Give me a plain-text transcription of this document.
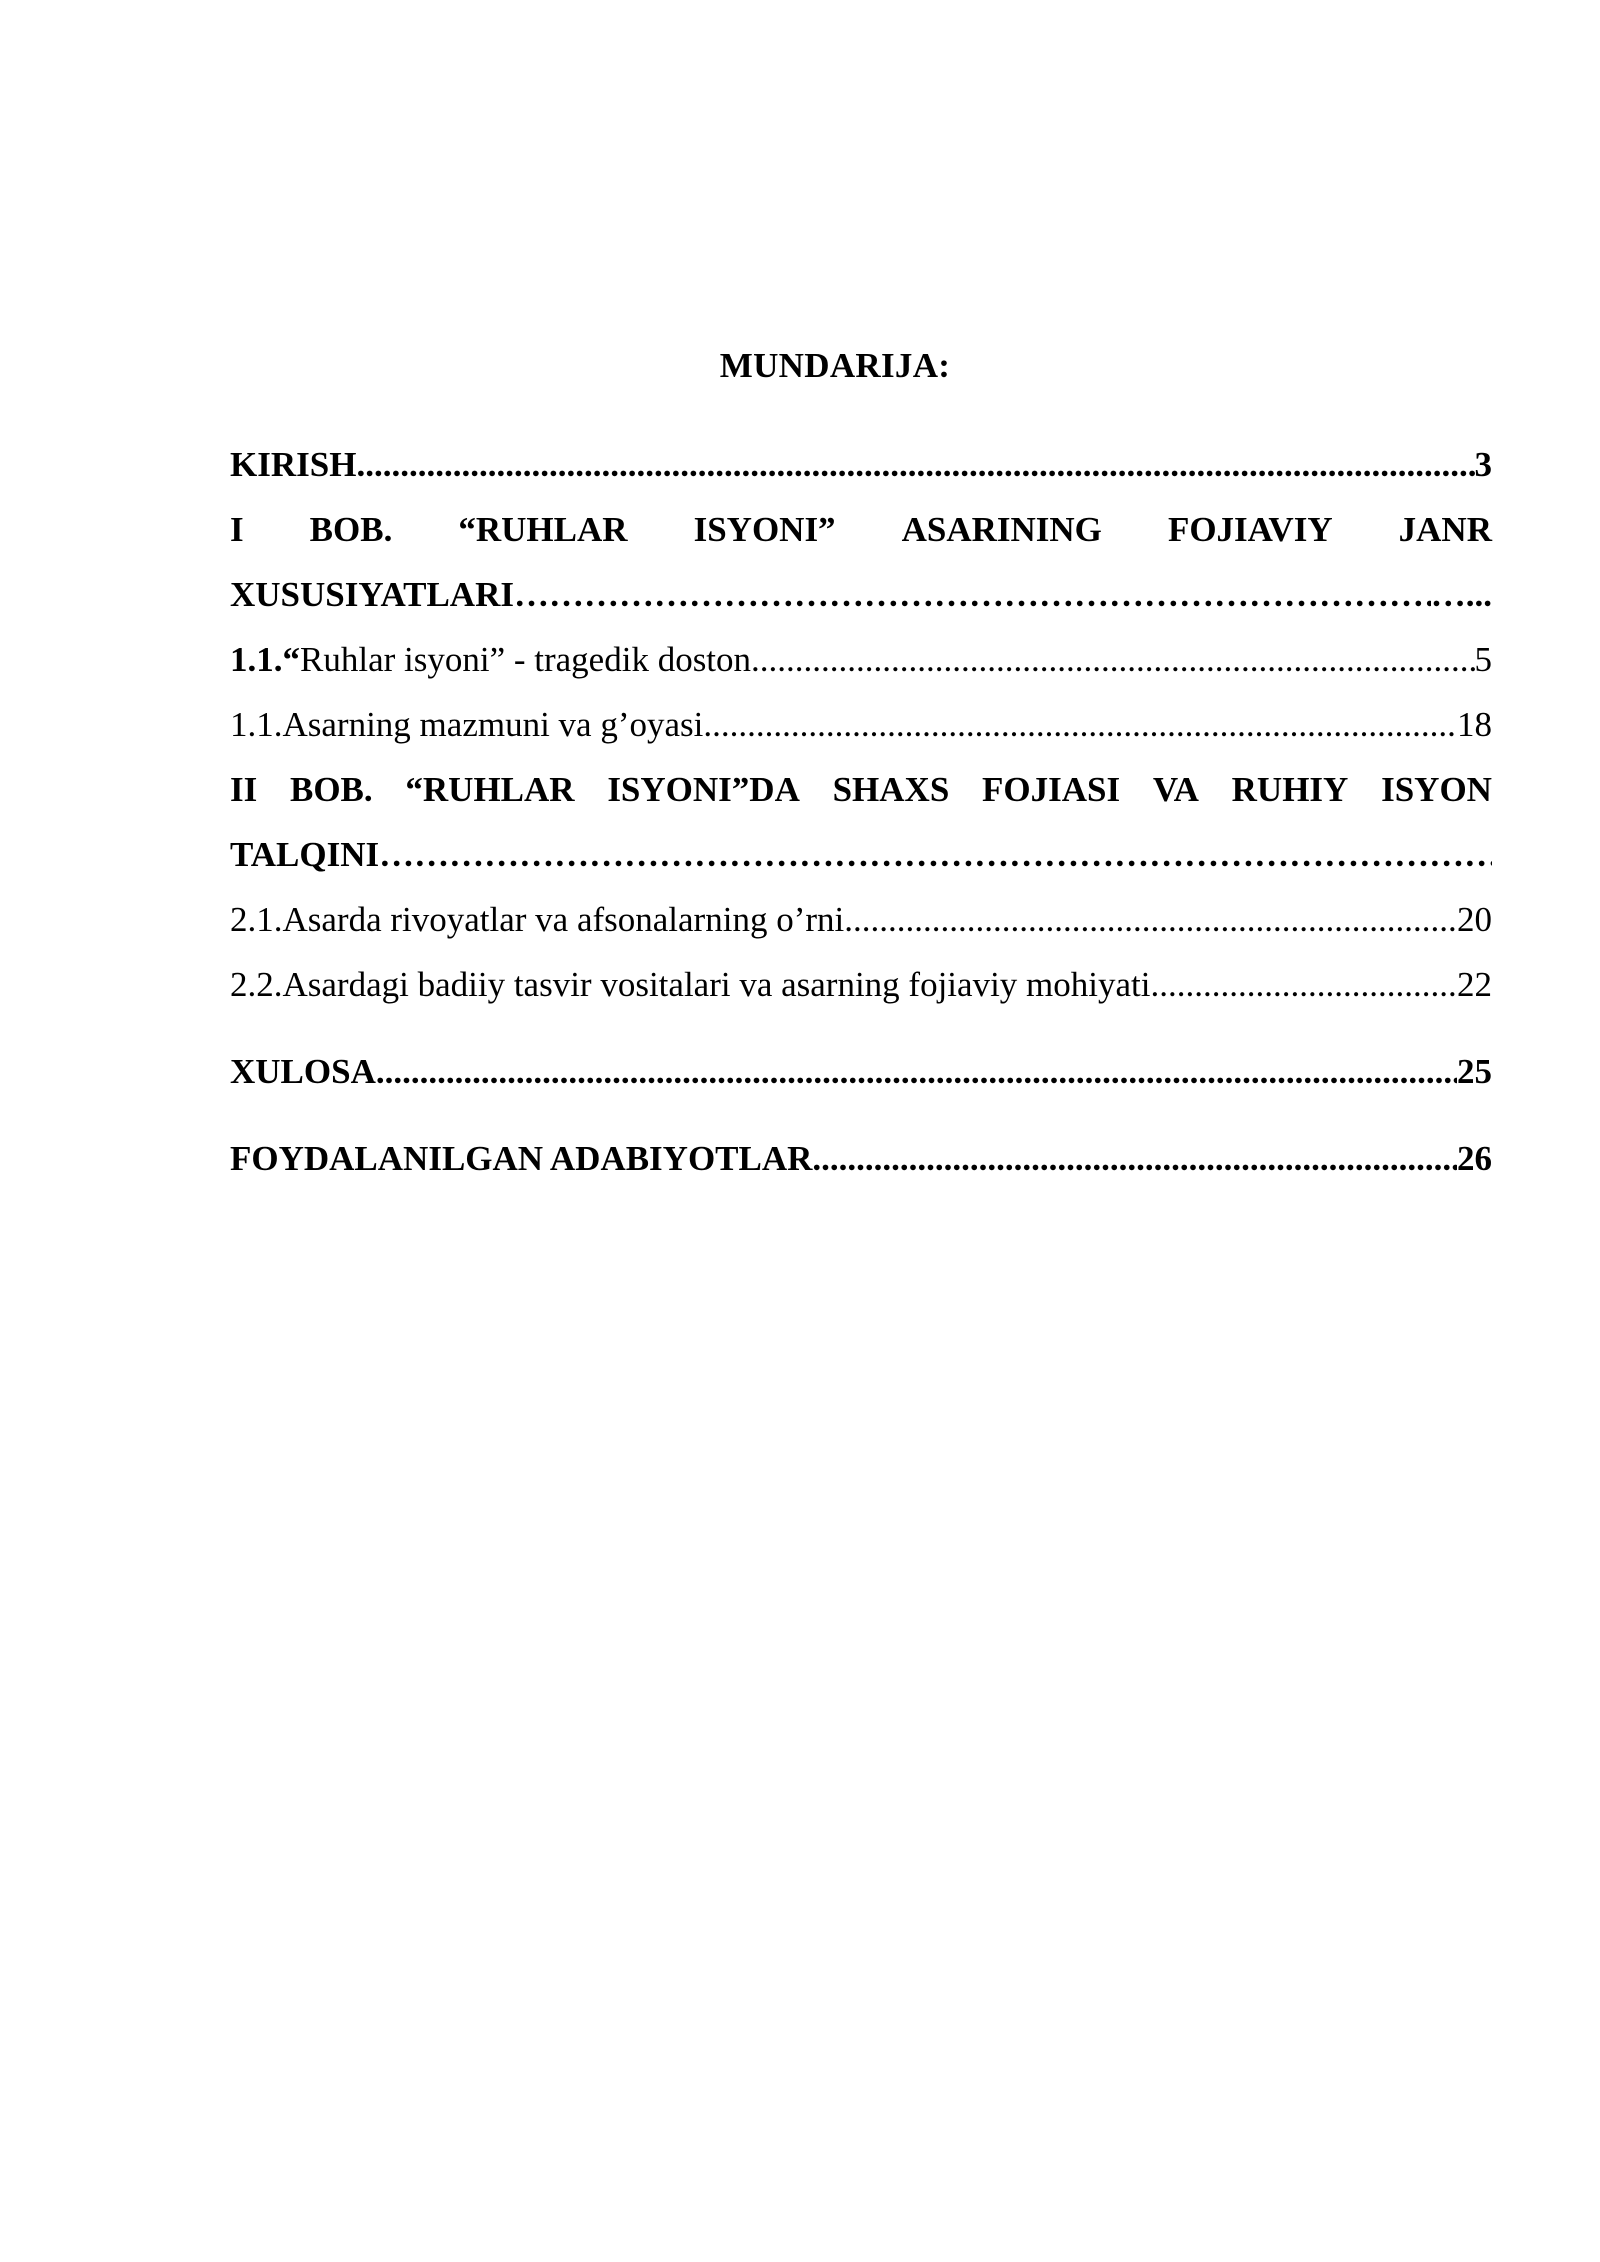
MUNDARIJA:
KIRISH .....	3
I BOB. “RUHLAR ISYONI” ASARINING FOJIAVIY JANR
XUSUSIYATLARI ………………………………………………………………………………………………………………………………………………………………	…...
1.1.“Ruhlar isyoni” - tragedik doston .....	5
1.1.Asarning mazmuni va g’oyasi .....	18
II BOB. “RUHLAR ISYONI”DA SHAXS FOJIASI VA RUHIY ISYON
TALQINI
………………………………………………………………………………………………………………………………………………………………
2.1.Asarda rivoyatlar va afsonalarning o’rni .....	20
2.2.Asardagi badiiy tasvir vositalari va asarning fojiaviy mohiyati .....	22
XULOSA .....	25
FOYDALANILGAN ADABIYOTLAR .....	26
